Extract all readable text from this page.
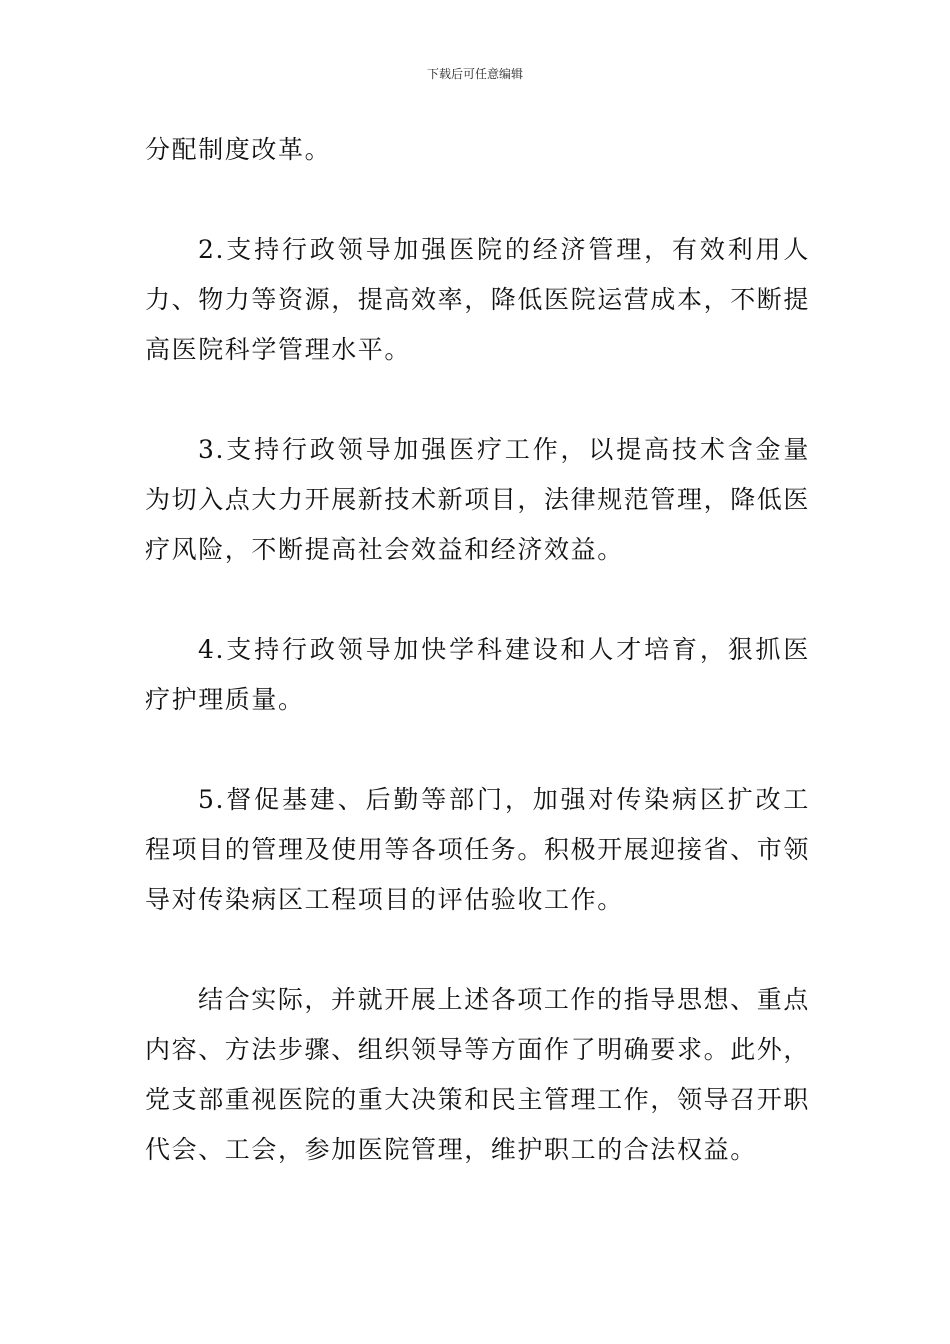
下载后可任意编辑

分配制度改革。

2.支持行政领导加强医院的经济管理，有效利用人力、物力等资源，提高效率，降低医院运营成本，不断提高医院科学管理水平。

3.支持行政领导加强医疗工作，以提高技术含金量为切入点大力开展新技术新项目，法律规范管理，降低医疗风险，不断提高社会效益和经济效益。

4.支持行政领导加快学科建设和人才培育，狠抓医疗护理质量。

5.督促基建、后勤等部门，加强对传染病区扩改工程项目的管理及使用等各项任务。积极开展迎接省、市领导对传染病区工程项目的评估验收工作。

结合实际，并就开展上述各项工作的指导思想、重点内容、方法步骤、组织领导等方面作了明确要求。此外，党支部重视医院的重大决策和民主管理工作，领导召开职代会、工会，参加医院管理，维护职工的合法权益。
